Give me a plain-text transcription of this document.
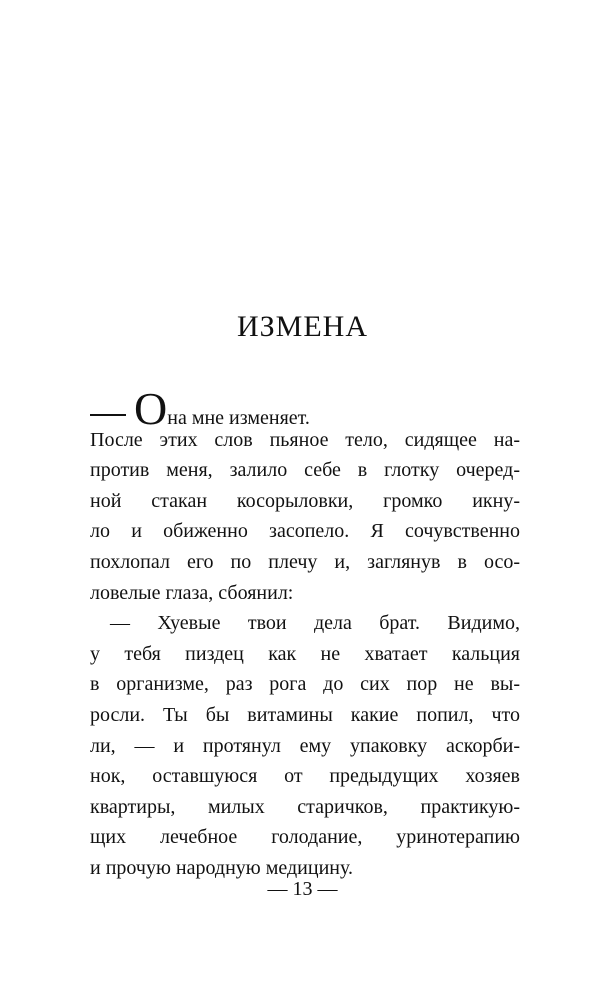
ИЗМЕНА
Она мне изменяет.
После этих слов пьяное тело, сидящее на-
против меня, залило себе в глотку очеред-
ной стакан косорыловки, громко икну-
ло и обиженно засопело. Я сочувственно
похлопал его по плечу и, заглянув в осо-
ловелые глаза, сбоянил:
— Хуевые твои дела брат. Видимо,
у тебя пиздец как не хватает кальция
в организме, раз рога до сих пор не вы-
росли. Ты бы витамины какие попил, что
ли, — и протянул ему упаковку аскорби-
нок, оставшуюся от предыдущих хозяев
квартиры, милых старичков, практикую-
щих лечебное голодание, уринотерапию
и прочую народную медицину.
— 13 —
